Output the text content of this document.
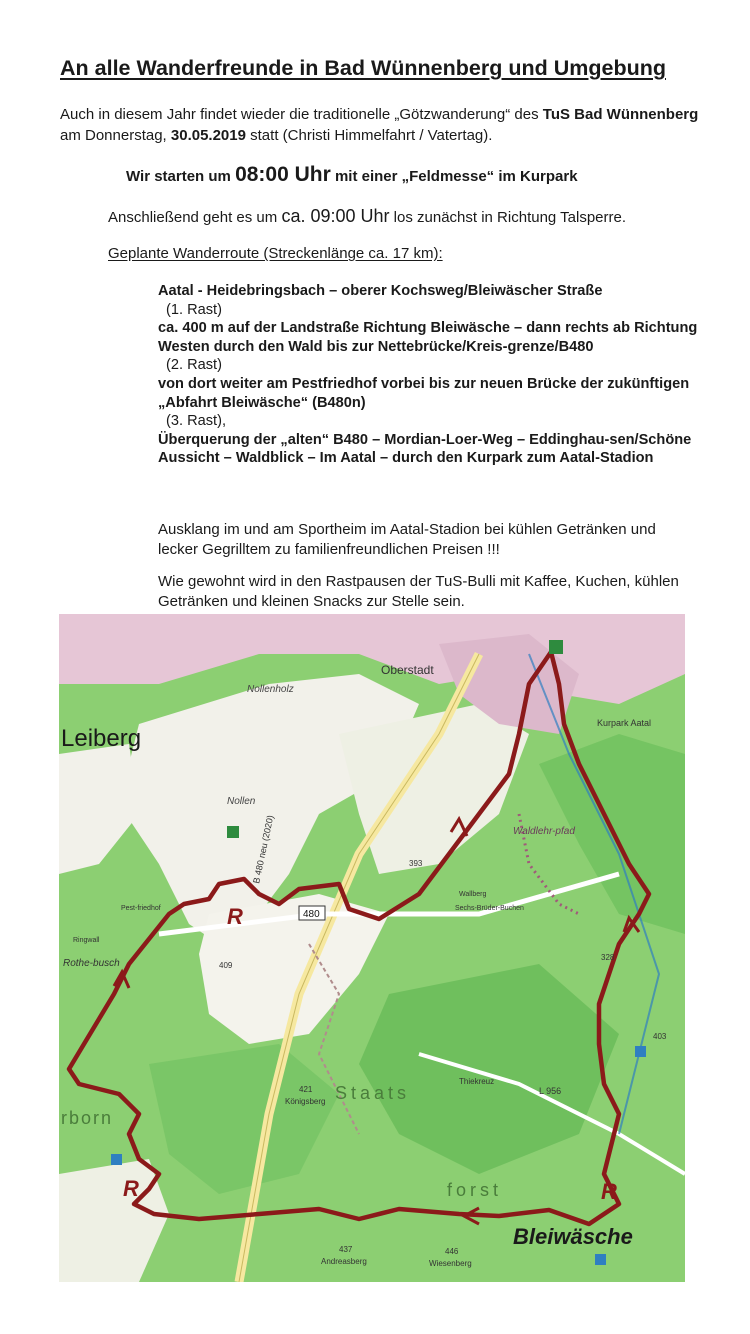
An alle Wanderfreunde in Bad Wünnenberg und Umgebung
Auch in diesem Jahr findet wieder die traditionelle „Götzwanderung“ des TuS Bad Wünnenberg am Donnerstag, 30.05.2019 statt (Christi Himmelfahrt / Vatertag).
Wir starten um 08:00 Uhr mit einer „Feldmesse“ im Kurpark
Anschließend geht es um ca. 09:00 Uhr los zunächst in Richtung Talsperre.
Geplante Wanderroute (Streckenlänge ca. 17 km):
Aatal - Heidebringsbach – oberer Kochsweg/Bleiwäscher Straße
(1. Rast)
ca. 400 m auf der Landstraße Richtung Bleiwäsche – dann rechts ab Richtung Westen durch den Wald bis zur Nettebrücke/Kreis-grenze/B480
(2. Rast)
von dort weiter am Pestfriedhof vorbei bis zur neuen Brücke der zukünftigen „Abfahrt Bleiwäsche“ (B480n)
(3. Rast),
Überquerung der „alten“ B480 – Mordian-Loer-Weg – Eddinghau-sen/Schöne Aussicht – Waldblick – Im Aatal – durch den Kurpark zum Aatal-Stadion
Ausklang im und am Sportheim im Aatal-Stadion bei kühlen Getränken und lecker Gegrilltem zu familienfreundlichen Preisen !!!
Wie gewohnt wird in den Rastpausen der TuS-Bulli mit Kaffee, Kuchen, kühlen Getränken und kleinen Snacks zur Stelle sein.
R
R	R
Leiberg
Oberstadt
Nollenholz
Nollen
B 480 neu (2020)
480
Rothe-busch
Staats
forst
rborn
Bleiwäsche
Waldlehr-pfad
Kurpark Aatal
L 956
421
Königsberg
Thiekreuz
437
Andreasberg
446
Wiesenberg
403
328
393
409
Pest-friedhof
Ringwall
Sechs-Brüder-Buchen
Wallberg
